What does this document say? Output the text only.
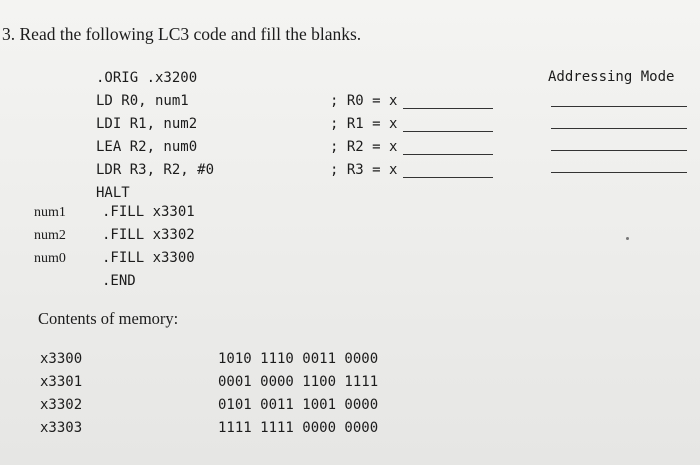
3. Read the following LC3 code and fill the blanks.
Addressing Mode
.ORIG .x3200
LD R0, num1
LDI R1, num2
LEA R2, num0
LDR R3, R2, #0
HALT
num1	.FILL x3301
num2	.FILL x3302
num0	.FILL x3300
.END
; R0 = x
; R1 = x
; R2 = x
; R3 = x
Contents of memory:
x3300	1010 1110 0011 0000
x3301	0001 0000 1100 1111
x3302	0101 0011 1001 0000
x3303	1111 1111 0000 0000
